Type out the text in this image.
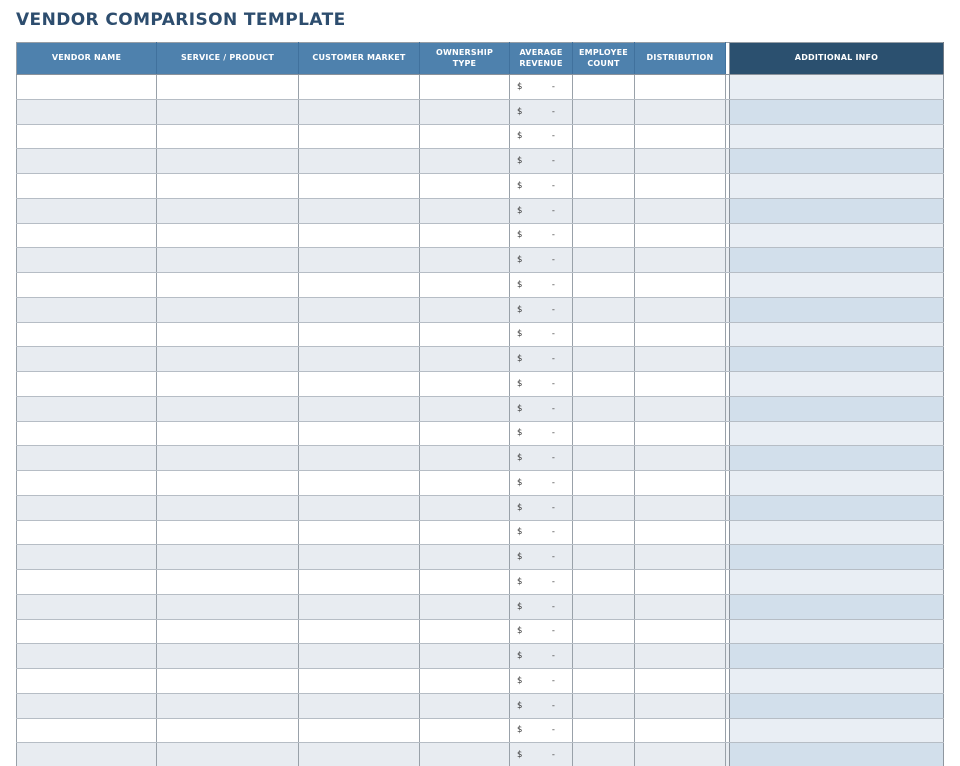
VENDOR COMPARISON TEMPLATE
VENDOR NAME	SERVICE / PRODUCT	CUSTOMER MARKET	OWNERSHIP TYPE	AVERAGE REVENUE	EMPLOYEE COUNT	DISTRIBUTION		ADDITIONAL INFO

				$ -				

				$ -				

				$ -				

				$ -				

				$ -				

				$ -				

				$ -				

				$ -				

				$ -				

				$ -				

				$ -				

				$ -				

				$ -				

				$ -				

				$ -				

				$ -				

				$ -				

				$ -				

				$ -				

				$ -				

				$ -				

				$ -				

				$ -				

				$ -				

				$ -				

				$ -				

				$ -				

				$ -				
